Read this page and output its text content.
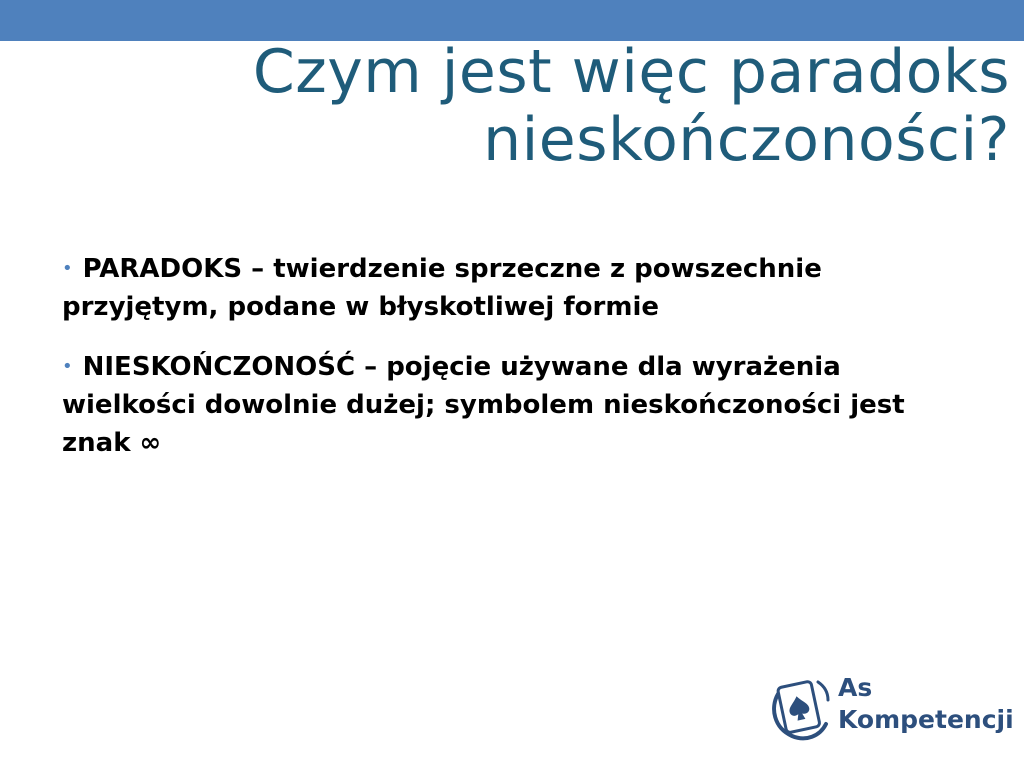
Czym jest więc paradoks
nieskończoności?

• PARADOKS – twierdzenie sprzeczne z powszechnie przyjętym, podane w błyskotliwej formie

• NIESKOŃCZONOŚĆ – pojęcie używane dla wyrażenia wielkości dowolnie dużej; symbolem nieskończoności jest znak ∞

As
Kompetencji
